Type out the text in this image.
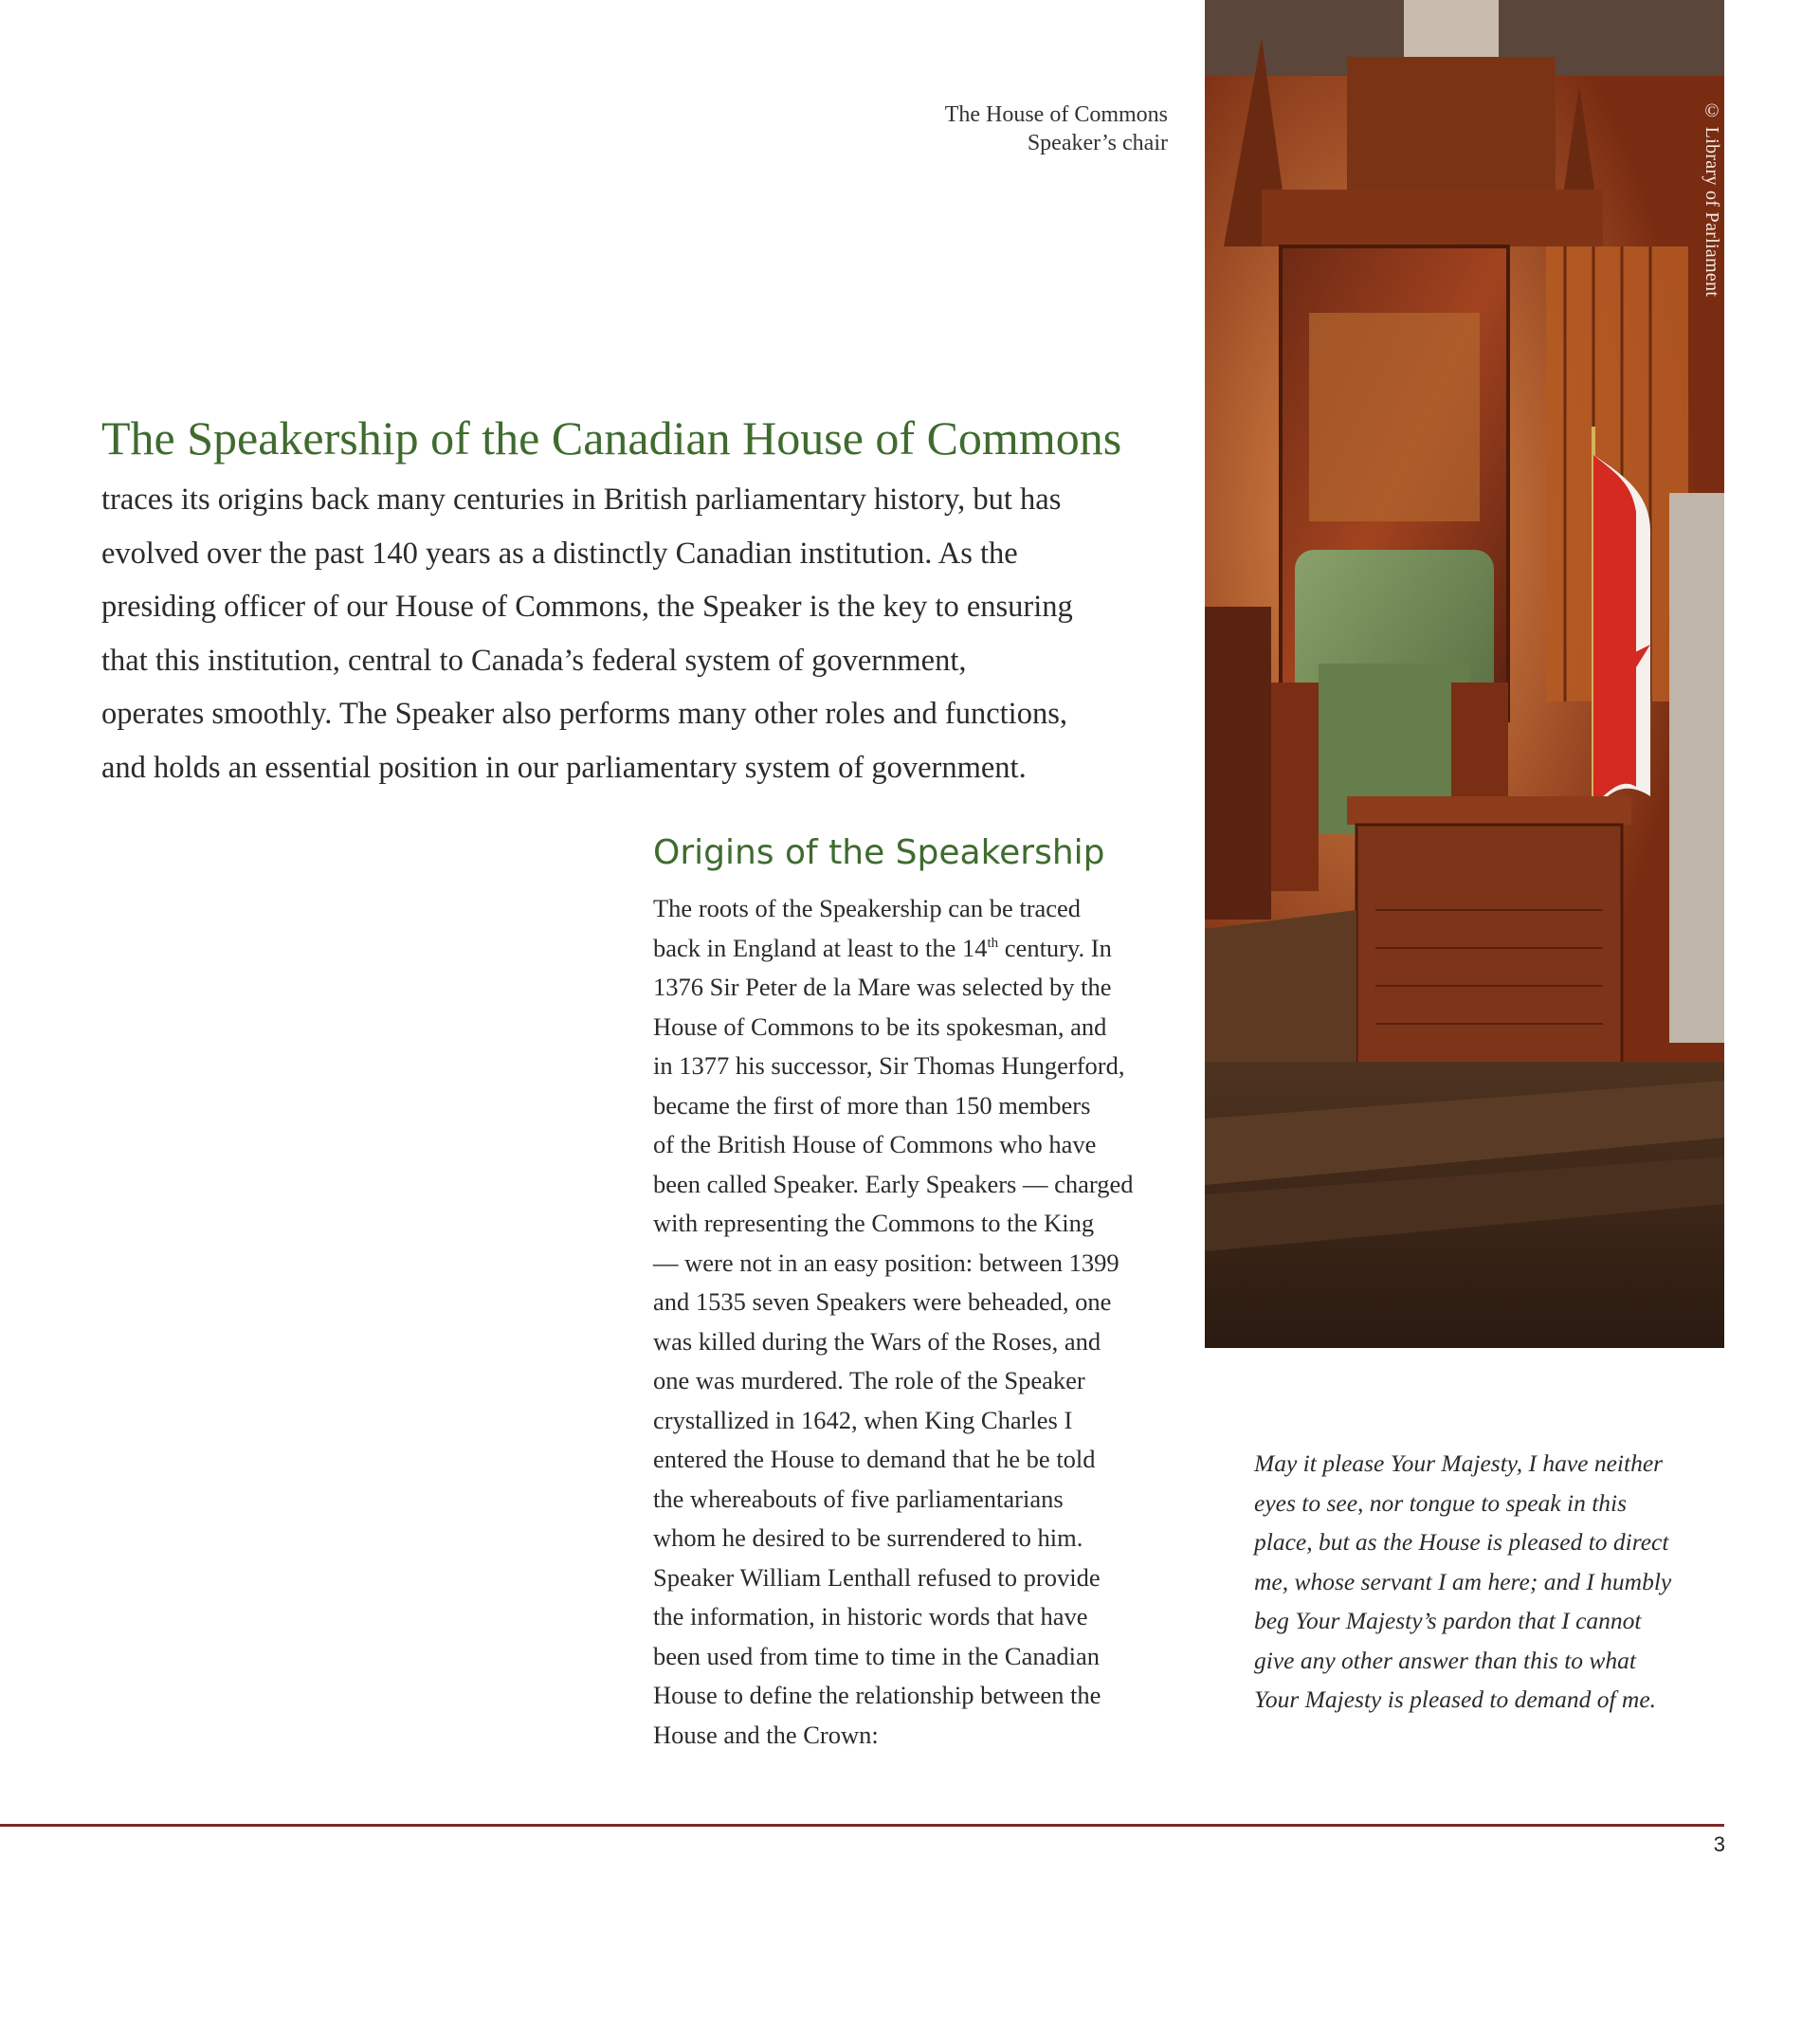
The House of Commons
Speaker’s chair	© Library of Parliament
The Speakership of the Canadian House of Commons
traces its origins back many centuries in British parliamentary history, but has
evolved over the past 140 years as a distinctly Canadian institution. As the
presiding officer of our House of Commons, the Speaker is the key to ensuring
that this institution, central to Canada’s federal system of government,
operates smoothly. The Speaker also performs many other roles and functions,
and holds an essential position in our parliamentary system of government.
Origins of the Speakership
The roots of the Speakership can be traced
back in England at least to the 14th century. In
1376 Sir Peter de la Mare was selected by the
House of Commons to be its spokesman, and
in 1377 his successor, Sir Thomas Hungerford,
became the first of more than 150 members
of the British House of Commons who have
been called Speaker. Early Speakers — charged
with representing the Commons to the King
— were not in an easy position: between 1399
and 1535 seven Speakers were beheaded, one
was killed during the Wars of the Roses, and
one was murdered. The role of the Speaker
crystallized in 1642, when King Charles I
entered the House to demand that he be told
the whereabouts of five parliamentarians
whom he desired to be surrendered to him.
Speaker William Lenthall refused to provide
the information, in historic words that have
been used from time to time in the Canadian
House to define the relationship between the
House and the Crown:
May it please Your Majesty, I have neither
eyes to see, nor tongue to speak in this
place, but as the House is pleased to direct
me, whose servant I am here; and I humbly
beg Your Majesty’s pardon that I cannot
give any other answer than this to what
Your Majesty is pleased to demand of me.
3
